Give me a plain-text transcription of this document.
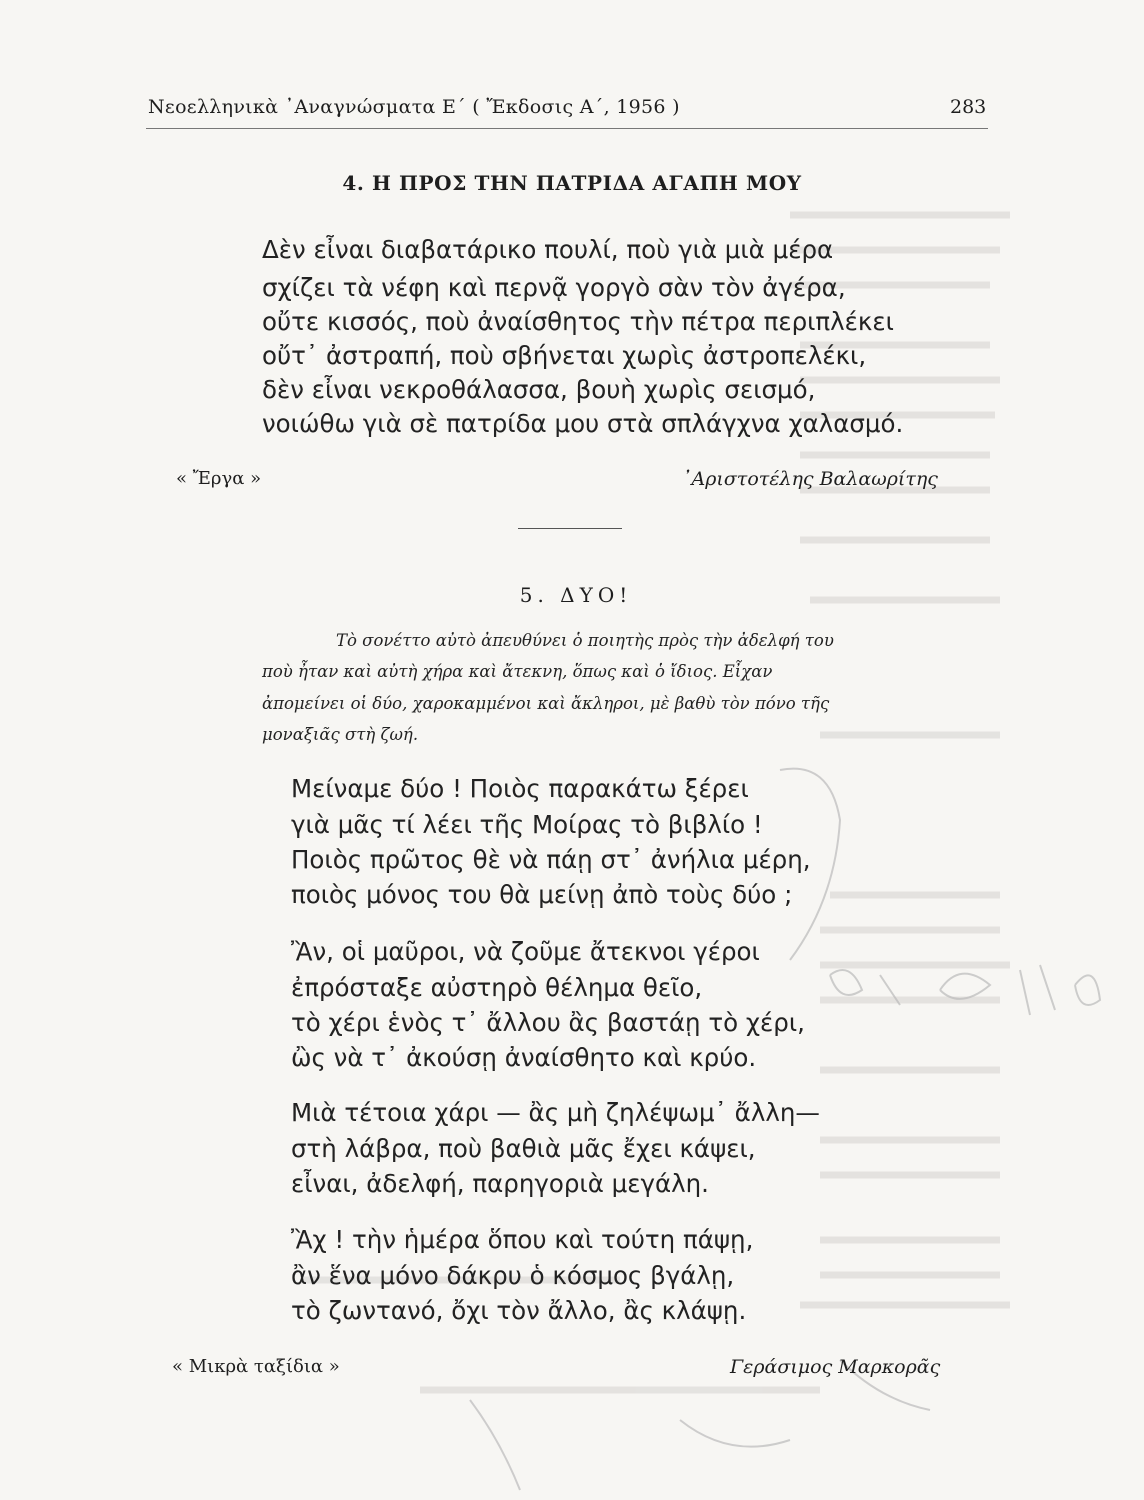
Νεοελληνικὰ ᾿Αναγνώσματα Ε΄ ( Ἔκδοσις Α΄, 1956 )	283
4. Η ΠΡΟΣ ΤΗΝ ΠΑΤΡΙΔΑ ΑΓΑΠΗ ΜΟΥ
Δὲν εἶναι διαβατάρικο πουλί, ποὺ γιὰ μιὰ μέρα
σχίζει τὰ νέφη καὶ περνᾷ γοργὸ σὰν τὸν ἀγέρα,
οὔτε κισσός, ποὺ ἀναίσθητος τὴν πέτρα περιπλέκει
οὔτ᾽ ἀστραπή, ποὺ σβήνεται χωρὶς ἀστροπελέκι,
δὲν εἶναι νεκροθάλασσα, βουὴ χωρὶς σεισμό,
νοιώθω γιὰ σὲ πατρίδα μου στὰ σπλάγχνα χαλασμό.
« Ἔργα »	᾿Αριστοτέλης Βαλαωρίτης
5. ΔΥΟ!
Τὸ σονέττο αὐτὸ ἀπευθύνει ὁ ποιητὴς πρὸς τὴν ἀδελφή του
ποὺ ἦταν καὶ αὐτὴ χήρα καὶ ἄτεκνη, ὅπως καὶ ὁ ἴδιος. Εἶχαν
ἀπομείνει οἱ δύο, χαροκαμμένοι καὶ ἄκληροι, μὲ βαθὺ τὸν πόνο τῆς
μοναξιᾶς στὴ ζωή.
Μείναμε δύο ! Ποιὸς παρακάτω ξέρει
γιὰ μᾶς τί λέει τῆς Μοίρας τὸ βιβλίο !
Ποιὸς πρῶτος θὲ νὰ πάῃ στ᾽ ἀνήλια μέρη,
ποιὸς μόνος του θὰ μείνῃ ἀπὸ τοὺς δύο ;
Ἂν, οἱ μαῦροι, νὰ ζοῦμε ἄτεκνοι γέροι
ἐπρόσταξε αὐστηρὸ θέλημα θεῖο,
τὸ χέρι ἑνὸς τ᾽ ἄλλου ἂς βαστάῃ τὸ χέρι,
ὢς νὰ τ᾽ ἀκούσῃ ἀναίσθητο καὶ κρύο.
Μιὰ τέτοια χάρι — ἂς μὴ ζηλέψωμ᾽ ἄλλη—
στὴ λάβρα, ποὺ βαθιὰ μᾶς ἔχει κάψει,
εἶναι, ἀδελφή, παρηγοριὰ μεγάλη.
Ἂχ ! τὴν ἡμέρα ὅπου καὶ τούτη πάψῃ,
ἂν ἕνα μόνο δάκρυ ὁ κόσμος βγάλῃ,
τὸ ζωντανό, ὄχι τὸν ἄλλο, ἂς κλάψῃ.
« Μικρὰ ταξίδια »	Γεράσιμος Μαρκορᾶς
